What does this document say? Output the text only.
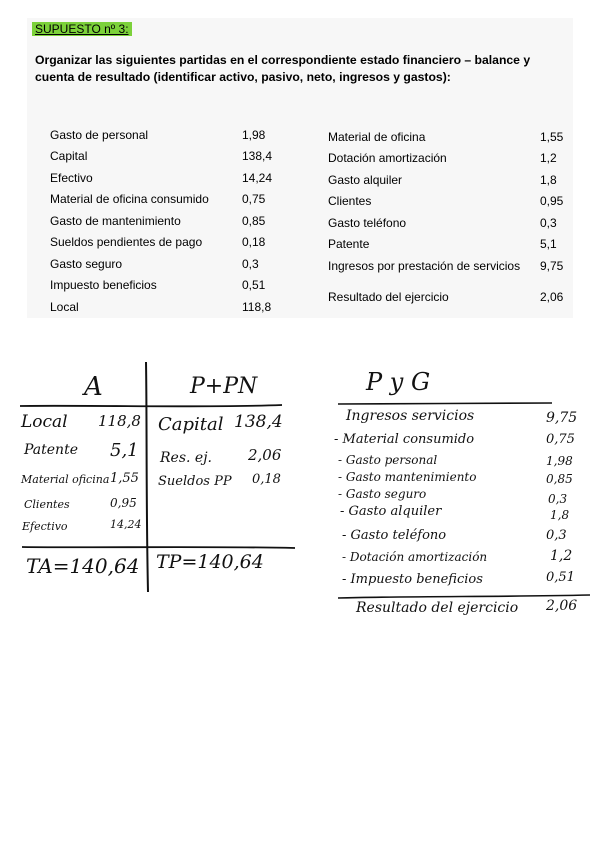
SUPUESTO nº 3:
Organizar las siguientes partidas en el correspondiente estado financiero – balance y cuenta de resultado (identificar activo, pasivo, neto, ingresos y gastos):
Gasto de personal	1,98
Capital	138,4
Efectivo	14,24
Material de oficina consumido	0,75
Gasto de mantenimiento	0,85
Sueldos pendientes de pago	0,18
Gasto seguro	0,3
Impuesto beneficios	0,51
Local	118,8
Material de oficina	1,55
Dotación amortización	1,2
Gasto alquiler	1,8
Clientes	0,95
Gasto teléfono	0,3
Patente	5,1
Ingresos por prestación de servicios 9,75
Resultado del ejercicio	2,06
A	P+PN
Local 118,8
Patente 5,1
Material oficina 1,55
Clientes	0,95
Efectivo	14,24
Capital 138,4
Res. ej. 2,06
Sueldos PP 0,18
TA=140,64 TP=140,64
P y G
Ingresos servicios	9,75
- Material consumido	0,75
- Gasto personal	1,98
- Gasto mantenimiento	0,85
- Gasto seguro	0,3
- Gasto alquiler	1,8
- Gasto teléfono	0,3
- Dotación amortización	1,2
- Impuesto beneficios	0,51
Resultado del ejercicio 2,06
